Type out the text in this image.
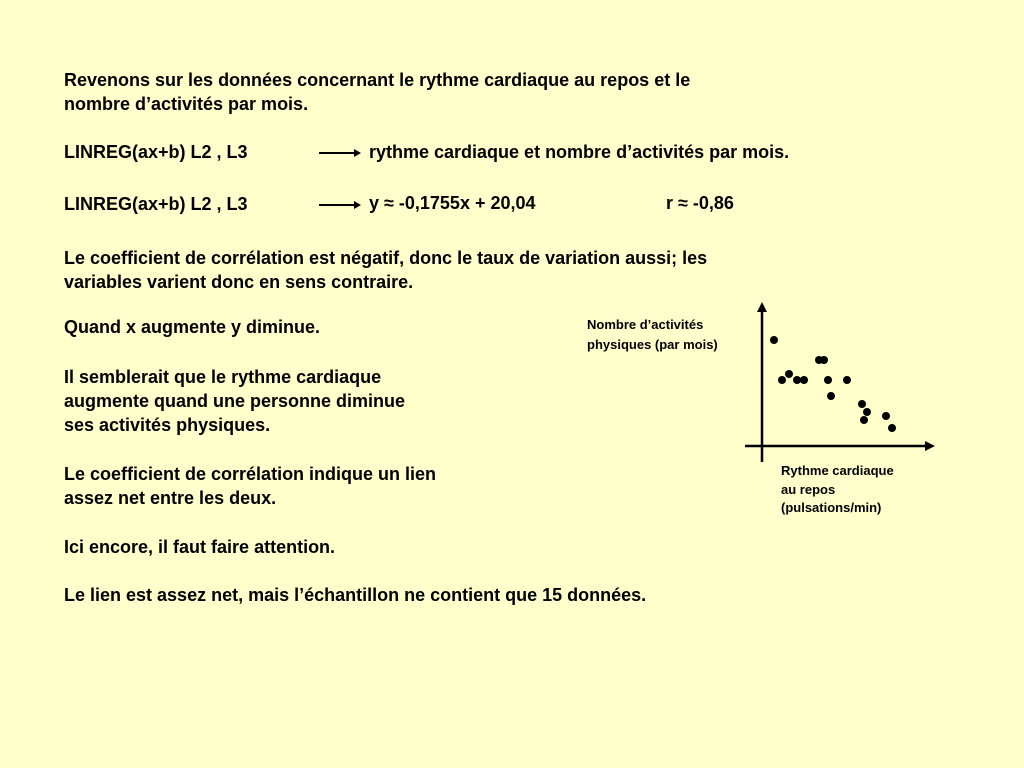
Revenons sur les données concernant le rythme cardiaque au repos et le
nombre d’activités par mois.
LINREG(ax+b) L2 , L3	rythme cardiaque et nombre d’activités par mois.
LINREG(ax+b) L2 , L3	y ≈ -0,1755x + 20,04	r ≈ -0,86
Le coefficient de corrélation est négatif, donc le taux de variation aussi; les
variables varient donc en sens contraire.
Quand x augmente y diminue.
Il semblerait que le rythme cardiaque
augmente quand une personne diminue
ses activités physiques.
Le coefficient de corrélation indique un lien
assez net entre les deux.
Ici encore, il faut faire attention.
Le lien est assez net, mais l’échantillon ne contient que 15 données.
Nombre d’activités
physiques (par mois)
Rythme cardiaque
au repos
(pulsations/min)
